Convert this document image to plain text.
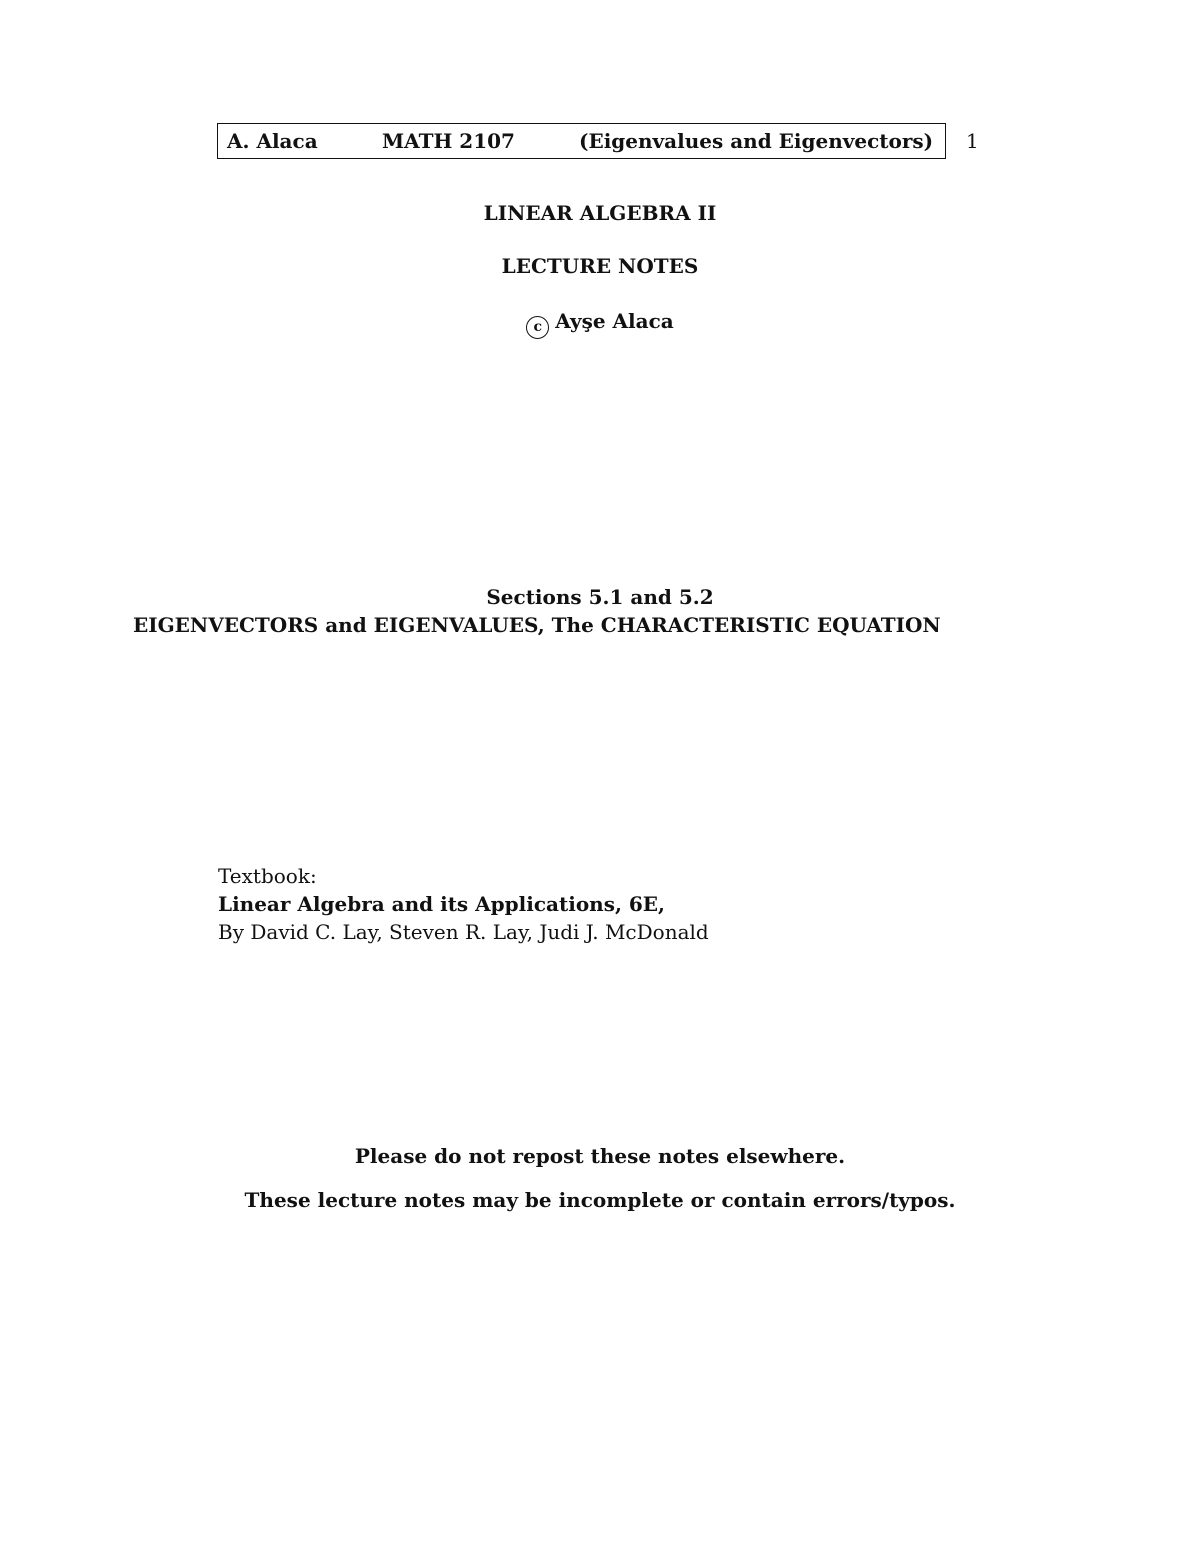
A. Alaca	MATH 2107	(Eigenvalues and Eigenvectors) 1
LINEAR ALGEBRA II
LECTURE NOTES
c Ayşe Alaca
Sections 5.1 and 5.2
EIGENVECTORS and EIGENVALUES, The CHARACTERISTIC EQUATION
Textbook:
Linear Algebra and its Applications, 6E,
By David C. Lay, Steven R. Lay, Judi J. McDonald
Please do not repost these notes elsewhere.
These lecture notes may be incomplete or contain errors/typos.
